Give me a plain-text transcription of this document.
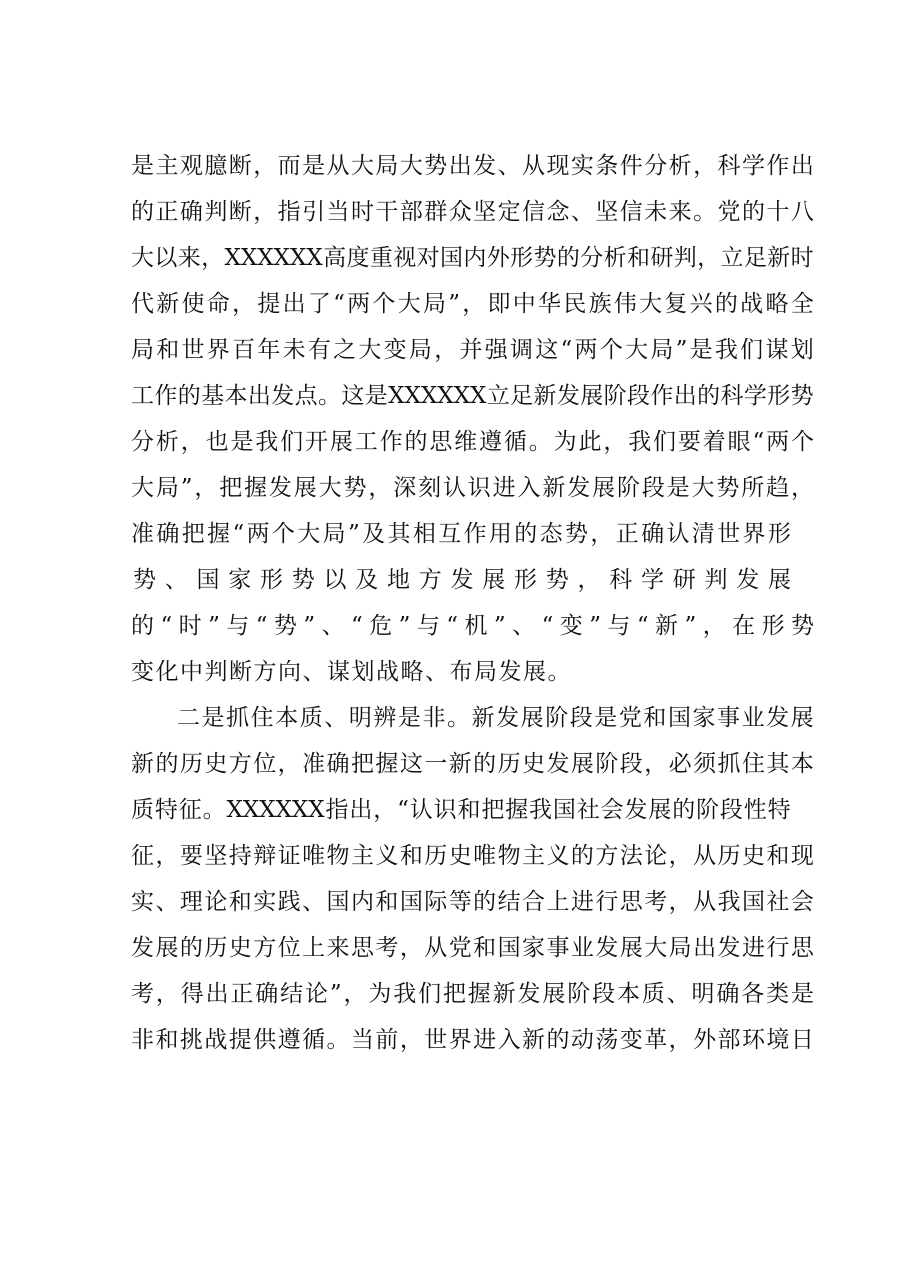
是 主 观 臆 断 ， 而 是 从 大 局 大 势 出 发 、 从 现 实 条 件 分 析 ， 科 学 作 出
的 正 确 判 断 ， 指 引 当 时 干 部 群 众 坚 定 信 念 、 坚 信 未 来 。 党 的 十 八
大 以 来 ， XXXXXX 高 度 重 视 对 国 内 外 形 势 的 分 析 和 研 判 ， 立 足 新 时
代 新 使 命 ， 提 出 了 “ 两 个 大 局 ” ， 即 中 华 民 族 伟 大 复 兴 的 战 略 全
局 和 世 界 百 年 未 有 之 大 变 局 ， 并 强 调 这 “ 两 个 大 局 ” 是 我 们 谋 划
工 作 的 基 本 出 发 点 。 这 是 XXXXXX 立 足 新 发 展 阶 段 作 出 的 科 学 形 势
分 析 ， 也 是 我 们 开 展 工 作 的 思 维 遵 循 。 为 此 ， 我 们 要 着 眼 “ 两 个
大 局 ” ， 把 握 发 展 大 势 ， 深 刻 认 识 进 入 新 发 展 阶 段 是 大 势 所 趋 ，
准 确 把 握 “ 两 个 大 局 ” 及 其 相 互 作 用 的 态 势 ， 正 确 认 清 世 界 形
势 、 国 家 形 势 以 及 地 方 发 展 形 势 ， 科 学 研 判 发 展
的 “ 时 ” 与 “ 势 ” 、 “ 危 ” 与 “ 机 ” 、 “ 变 ” 与 “ 新 ” ， 在 形 势
变化中判断方向、谋划战略、布局发展。
二 是 抓 住 本 质 、 明 辨 是 非 。 新 发 展 阶 段 是 党 和 国 家 事 业 发 展
新 的 历 史 方 位 ， 准 确 把 握 这 一 新 的 历 史 发 展 阶 段 ， 必 须 抓 住 其 本
质 特 征 。 XXXXXX 指 出 ， “ 认 识 和 把 握 我 国 社 会 发 展 的 阶 段 性 特
征 ， 要 坚 持 辩 证 唯 物 主 义 和 历 史 唯 物 主 义 的 方 法 论 ， 从 历 史 和 现
实 、 理 论 和 实 践 、 国 内 和 国 际 等 的 结 合 上 进 行 思 考 ， 从 我 国 社 会
发 展 的 历 史 方 位 上 来 思 考 ， 从 党 和 国 家 事 业 发 展 大 局 出 发 进 行 思
考 ， 得 出 正 确 结 论 ” ， 为 我 们 把 握 新 发 展 阶 段 本 质 、 明 确 各 类 是
非 和 挑 战 提 供 遵 循 。 当 前 ， 世 界 进 入 新 的 动 荡 变 革 ， 外 部 环 境 日
